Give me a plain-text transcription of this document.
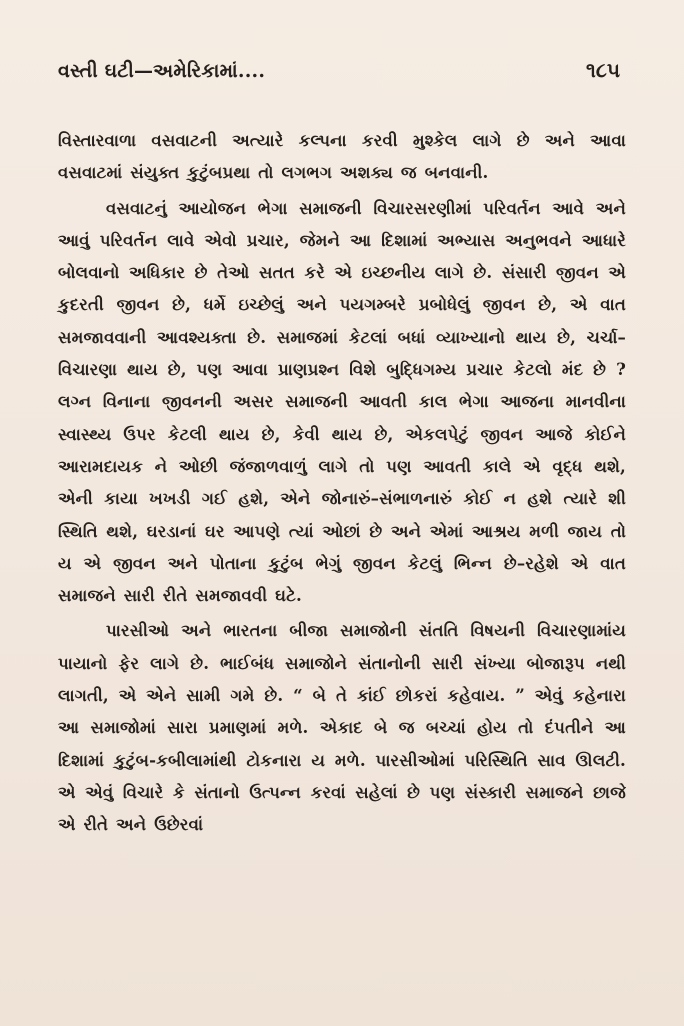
વસ્તી ઘટી—અમેરિકામાં....	૧૮૫

વિસ્તારવાળા વસવાટની અત્યારે કલ્પના કરવી મુશ્કેલ લાગે છે અને આવા વસવાટમાં સંયુક્ત કુટુંબપ્રથા તો લગભગ અશક્ય જ બનવાની.

વસવાટનું આયોજન ભેગા સમાજની વિચારસરણીમાં પરિવર્તન આવે અને આવું પરિવર્તન લાવે એવો પ્રચાર, જેમને આ દિશામાં અભ્યાસ અનુભવને આધારે બોલવાનો અધિકાર છે તેઓ સતત કરે એ ઇચ્છનીય લાગે છે. સંસારી જીવન એ કુદરતી જીવન છે, ધર્મે ઇચ્છેલું અને પયગમ્બરે પ્રબોધેલું જીવન છે, એ વાત સમજાવવાની આવશ્યક્તા છે. સમાજમાં કેટલાં બધાં વ્યાખ્યાનો થાય છે, ચર્ચા–વિચારણા થાય છે, પણ આવા પ્રાણપ્રશ્ન વિશે બુદ્ધિગમ્ય પ્રચાર કેટલો મંદ છે ? લગ્ન વિનાના જીવનની અસર સમાજની આવતી કાલ ભેગા આજના માનવીના સ્વાસ્થ્ય ઉપર કેટલી થાય છે, કેવી થાય છે, એકલપેટું જીવન આજે કોઈને આરામદાયક ને ઓછી જંજાળવાળું લાગે તો પણ આવતી કાલે એ વૃદ્ધ થશે, એની કાયા ખખડી ગઈ હશે, એને જોનારું–સંભાળનારું કોઈ ન હશે ત્યારે શી સ્થિતિ થશે, ઘરડાનાં ઘર આપણે ત્યાં ઓછાં છે અને એમાં આશ્રય મળી જાય તો ય એ જીવન અને પોતાના કુટુંબ ભેગું જીવન કેટલું ભિન્ન છે–રહેશે એ વાત સમાજને સારી રીતે સમજાવવી ઘટે.

પારસીઓ અને ભારતના બીજા સમાજોની સંતતિ વિષયની વિચારણામાંય પાયાનો ફેર લાગે છે. ભાઈબંધ સમાજોને સંતાનોની સારી સંખ્યા બોજારૂપ નથી લાગતી, એ એને સામી ગમે છે. “ બે તે કાંઈ છોકરાં કહેવાય. ” એવું કહેનારા આ સમાજોમાં સારા પ્રમાણમાં મળે. એકાદ બે જ બચ્ચાં હોય તો દંપતીને આ દિશામાં કુટુંબ-કબીલામાંથી ટોકનારા ય મળે. પારસીઓમાં પરિસ્થિતિ સાવ ઊલટી. એ એવું વિચારે કે સંતાનો ઉત્પન્ન કરવાં સહેલાં છે પણ સંસ્કારી સમાજને છાજે એ રીતે અને ઉછેરવાં
